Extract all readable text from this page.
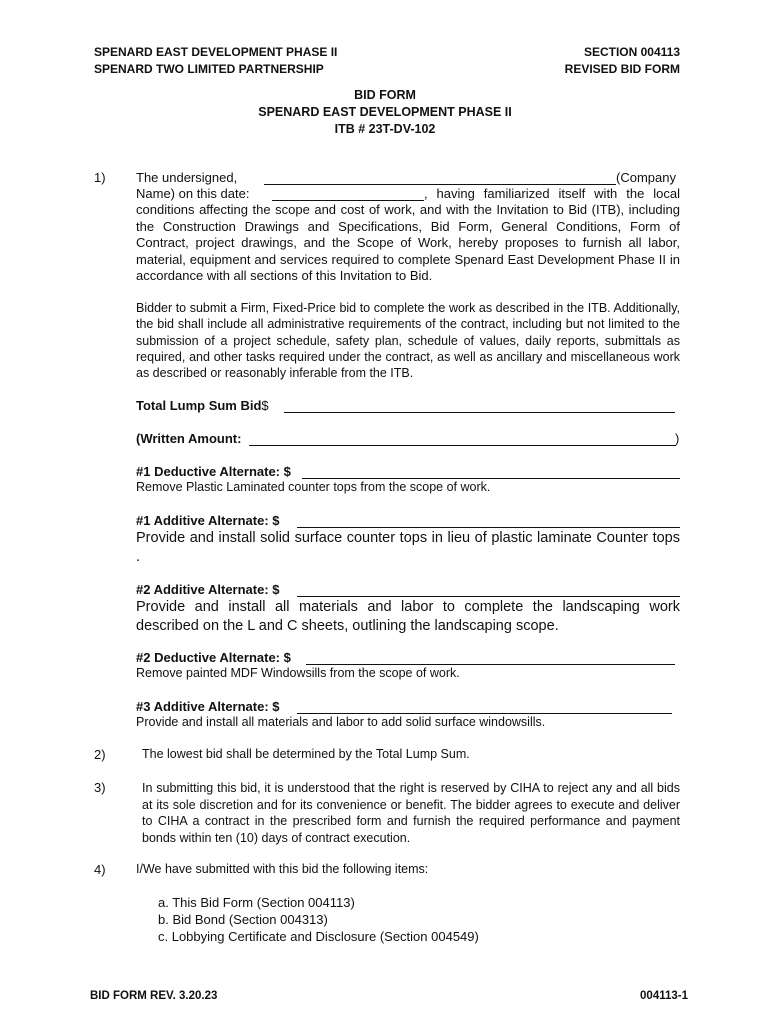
SPENARD EAST DEVELOPMENT PHASE II
SPENARD TWO LIMITED PARTNERSHIP
SECTION 004113
REVISED BID FORM
BID FORM
SPENARD EAST DEVELOPMENT PHASE II
ITB # 23T-DV-102
1) The undersigned,	(Company
Name) on this date:	, having familiarized itself with the local

conditions affecting the scope and cost of work, and with the Invitation to Bid (ITB), including the Construction Drawings and Specifications, Bid Form, General Conditions, Form of Contract, project drawings, and the Scope of Work, hereby proposes to furnish all labor, material, equipment and services required to complete Spenard East Development Phase II in accordance with all sections of this Invitation to Bid.

Bidder to submit a Firm, Fixed-Price bid to complete the work as described in the ITB. Additionally, the bid shall include all administrative requirements of the contract, including but not limited to the submission of a project schedule, safety plan, schedule of values, daily reports, submittals as required, and other tasks required under the contract, as well as ancillary and miscellaneous work as described or reasonably inferable from the ITB.

Total Lump Sum Bid$
(Written Amount:	)
#1 Deductive Alternate: $
Remove Plastic Laminated counter tops from the scope of work.
#1 Additive Alternate: $

Provide and install solid surface counter tops in lieu of plastic laminate Counter tops .

#2 Additive Alternate: $

Provide and install all materials and labor to complete the landscaping work described on the L and C sheets, outlining the landscaping scope.

#2 Deductive Alternate: $
Remove painted MDF Windowsills from the scope of work.
#3 Additive Alternate: $
Provide and install all materials and labor to add solid surface windowsills.
2)	The lowest bid shall be determined by the Total Lump Sum.
3)	In submitting this bid, it is understood that the right is reserved by CIHA to reject any and all bids at its sole discretion and for its convenience or benefit. The bidder agrees to execute and deliver to CIHA a contract in the prescribed form and furnish the required performance and payment bonds within ten (10) days of contract execution.

4) I/We have submitted with this bid the following items:
a. This Bid Form (Section 004113)
b. Bid Bond (Section 004313)
c. Lobbying Certificate and Disclosure (Section 004549)
BID FORM REV. 3.20.23	004113-1
